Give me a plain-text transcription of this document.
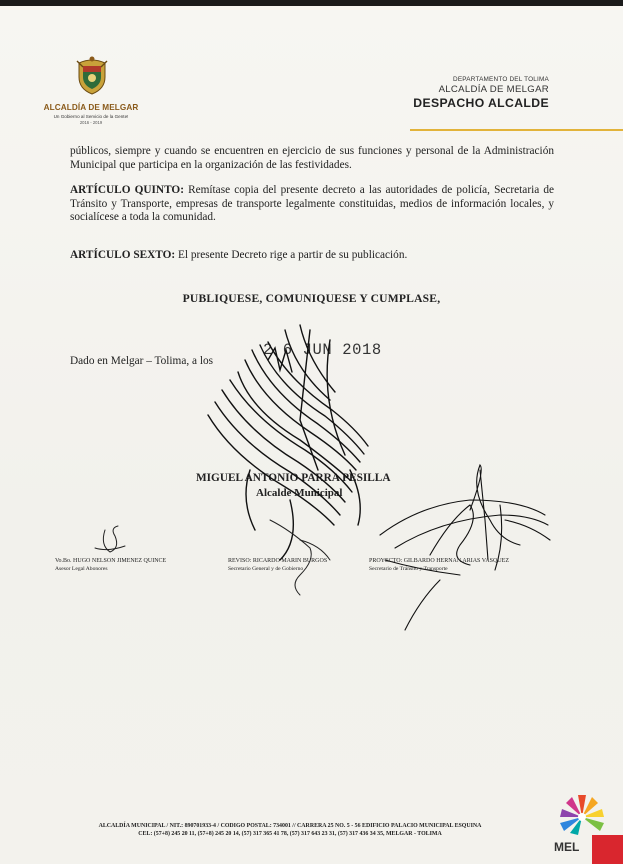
ALCALDÍA DE MELGAR
Un Gobierno al Servicio de la Gente!
2016 - 2019
DEPARTAMENTO DEL TOLIMA
ALCALDÍA DE MELGAR
DESPACHO ALCALDE
públicos, siempre y cuando se encuentren en ejercicio de sus funciones y personal de la Administración Municipal que participa en la organización de las festividades.
ARTÍCULO QUINTO: Remítase copia del presente decreto a las autoridades de policía, Secretaria de Tránsito y Transporte, empresas de transporte legalmente constituidas, medios de información locales, y socialícese a toda la comunidad.
ARTÍCULO SEXTO: El presente Decreto rige a partir de su publicación.
PUBLIQUESE, COMUNIQUESE Y CUMPLASE,
Dado en Melgar – Tolima, a los
2 6 JUN 2018
MIGUEL ANTONIO PARRA PESILLA
Alcalde Municipal
Vo.Bo. HUGO NELSON JIMENEZ QUINCE
Asesor Legal Abonores
REVISO: RICARDO MARIN BURGOS
Secretario General y de Gobierno
PROYECTO: GILBARDO HERNAN ARIAS VASQUEZ
Secretario de Tránsito y Transporte
ALCALDÍA MUNICIPAL / NIT.: 890701933-4 / CODIGO POSTAL: 734001 // CARRERA 25 NO. 5 - 56 EDIFICIO PALACIO MUNICIPAL ESQUINA
CEL: (57+8) 245 20 11, (57+8) 245 20 14, (57) 317 365 41 78, (57) 317 643 23 31, (57) 317 436 34 35, MELGAR - TOLIMA
MEL
